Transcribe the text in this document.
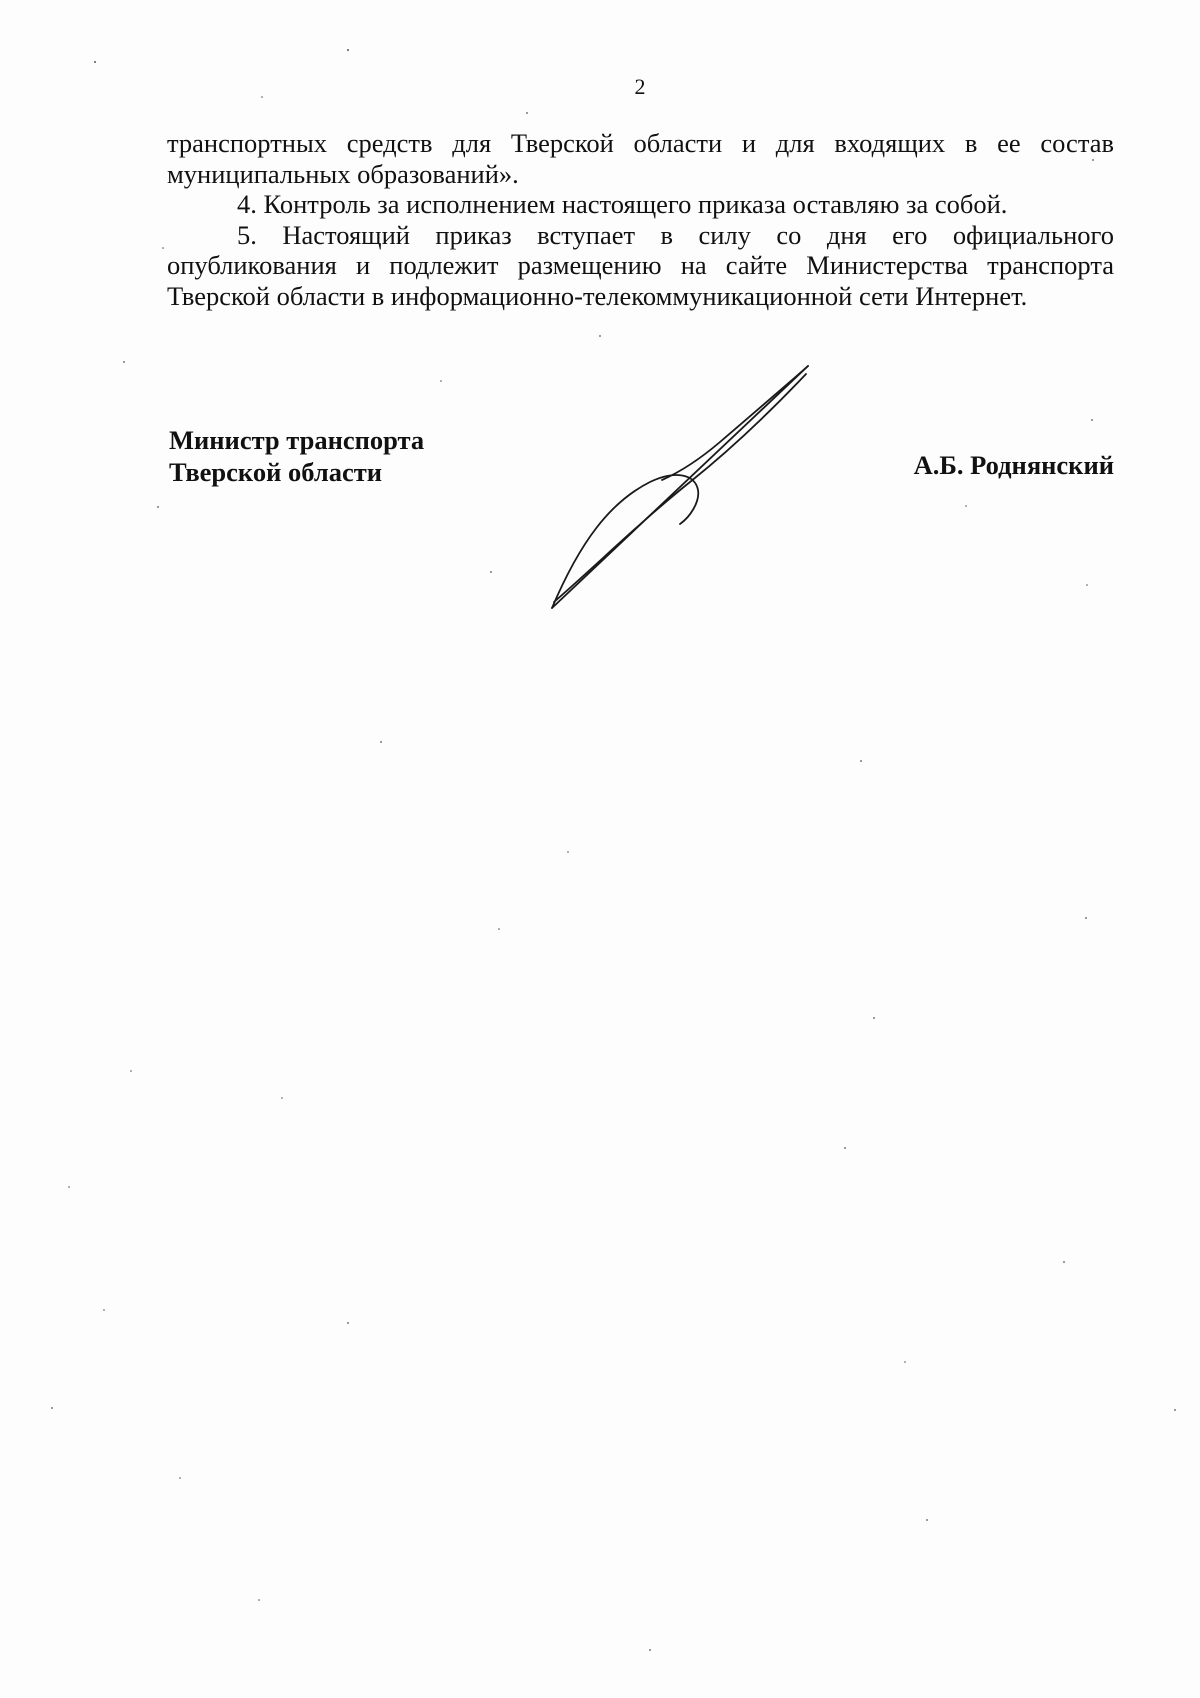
2

транспортных средств для Тверской области и для входящих в ее состав муниципальных образований».

4. Контроль за исполнением настоящего приказа оставляю за собой.

5. Настоящий приказ вступает в силу со дня его официального опубликования и подлежит размещению на сайте Министерства транспорта Тверской области в информационно-телекоммуникационной сети Интернет.

Министр транспорта
Тверской области	А.Б. Роднянский
